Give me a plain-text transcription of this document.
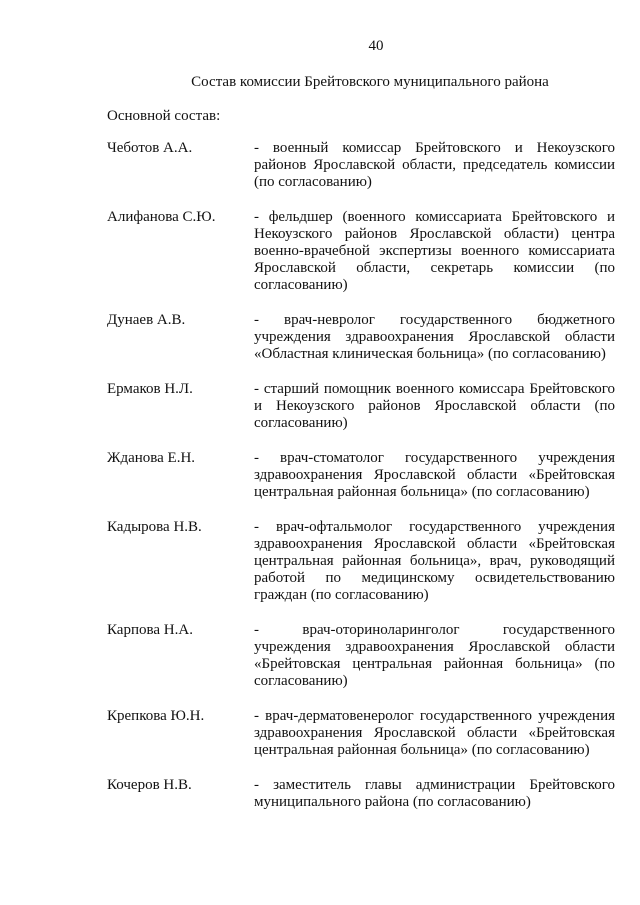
40
Состав комиссии Брейтовского муниципального района
Основной состав:
Чеботов А.А.	- военный комиссар Брейтовского и Некоузского районов Ярославской области, председатель комиссии (по согласованию)
Алифанова С.Ю.	- фельдшер (военного комиссариата Брейтовского и Некоузского районов Ярославской области) центра военно-врачебной экспертизы военного комиссариата Ярославской области, секретарь комиссии (по согласованию)
Дунаев А.В.	- врач-невролог государственного бюджетного учреждения здравоохранения Ярославской области «Областная клиническая больница» (по согласованию)
Ермаков Н.Л.	- старший помощник военного комиссара Брейтовского и Некоузского районов Ярославской области (по согласованию)
Жданова Е.Н.	- врач-стоматолог государственного учреждения здравоохранения Ярославской области «Брейтовская центральная районная больница» (по согласованию)
Кадырова Н.В.	- врач-офтальмолог государственного учреждения здравоохранения Ярославской области «Брейтовская центральная районная больница», врач, руководящий работой по медицинскому освидетельствованию граждан (по согласованию)
Карпова Н.А.	- врач-оториноларинголог государственного учреждения здравоохранения Ярославской области «Брейтовская центральная районная больница» (по согласованию)
Крепкова Ю.Н.	- врач-дерматовенеролог государственного учреждения здравоохранения Ярославской области «Брейтовская центральная районная больница» (по согласованию)
Кочеров Н.В.	- заместитель главы администрации Брейтовского муниципального района (по согласованию)
